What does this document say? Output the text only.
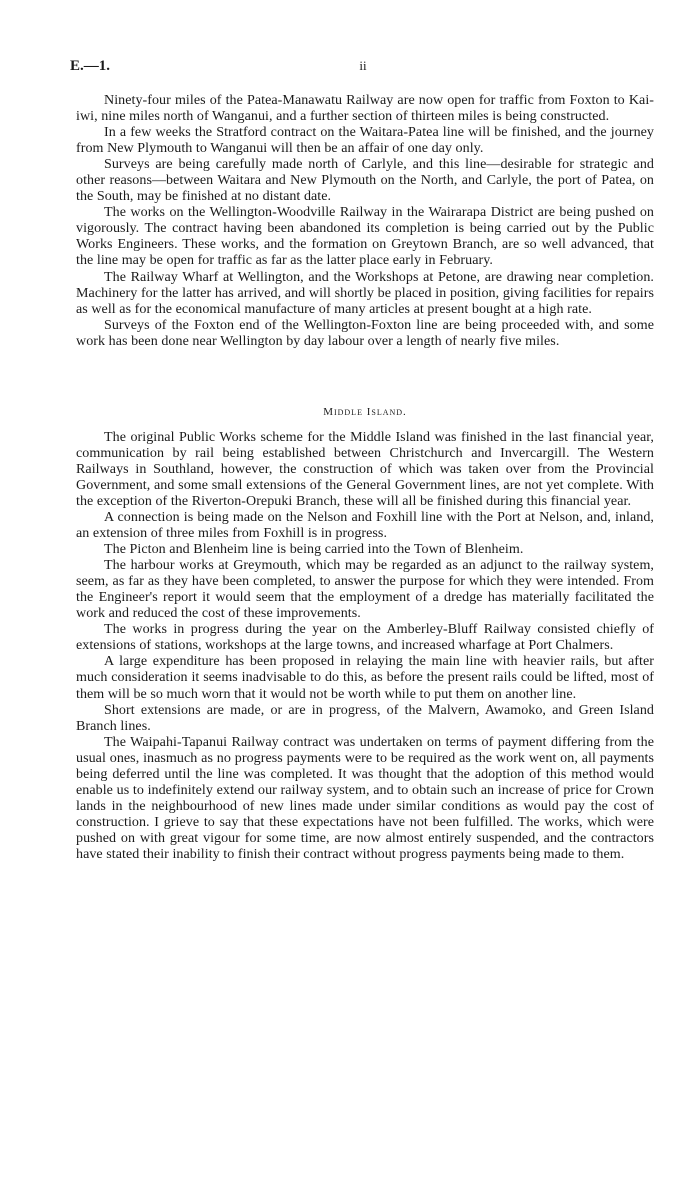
E.—1.	ii

Ninety-four miles of the Patea-Manawatu Railway are now open for traffic from Foxton to Kai-iwi, nine miles north of Wanganui, and a further section of thirteen miles is being constructed.

In a few weeks the Stratford contract on the Waitara-Patea line will be finished, and the journey from New Plymouth to Wanganui will then be an affair of one day only.

Surveys are being carefully made north of Carlyle, and this line—desirable for strategic and other reasons—between Waitara and New Plymouth on the North, and Carlyle, the port of Patea, on the South, may be finished at no distant date.

The works on the Wellington-Woodville Railway in the Wairarapa District are being pushed on vigorously. The contract having been abandoned its completion is being carried out by the Public Works Engineers. These works, and the formation on Greytown Branch, are so well advanced, that the line may be open for traffic as far as the latter place early in February.

The Railway Wharf at Wellington, and the Workshops at Petone, are drawing near completion. Machinery for the latter has arrived, and will shortly be placed in position, giving facilities for repairs as well as for the economical manufacture of many articles at present bought at a high rate.

Surveys of the Foxton end of the Wellington-Foxton line are being proceeded with, and some work has been done near Wellington by day labour over a length of nearly five miles.

Middle Island.

The original Public Works scheme for the Middle Island was finished in the last financial year, communication by rail being established between Christchurch and Invercargill. The Western Railways in Southland, however, the construction of which was taken over from the Provincial Government, and some small extensions of the General Government lines, are not yet complete. With the exception of the Riverton-Orepuki Branch, these will all be finished during this financial year.

A connection is being made on the Nelson and Foxhill line with the Port at Nelson, and, inland, an extension of three miles from Foxhill is in progress.

The Picton and Blenheim line is being carried into the Town of Blenheim.

The harbour works at Greymouth, which may be regarded as an adjunct to the railway system, seem, as far as they have been completed, to answer the purpose for which they were intended. From the Engineer's report it would seem that the employment of a dredge has materially facilitated the work and reduced the cost of these improvements.

The works in progress during the year on the Amberley-Bluff Railway consisted chiefly of extensions of stations, workshops at the large towns, and increased wharfage at Port Chalmers.

A large expenditure has been proposed in relaying the main line with heavier rails, but after much consideration it seems inadvisable to do this, as before the present rails could be lifted, most of them will be so much worn that it would not be worth while to put them on another line.

Short extensions are made, or are in progress, of the Malvern, Awamoko, and Green Island Branch lines.

The Waipahi-Tapanui Railway contract was undertaken on terms of payment differing from the usual ones, inasmuch as no progress payments were to be required as the work went on, all payments being deferred until the line was completed. It was thought that the adoption of this method would enable us to indefinitely extend our railway system, and to obtain such an increase of price for Crown lands in the neighbourhood of new lines made under similar conditions as would pay the cost of construction. I grieve to say that these expectations have not been fulfilled. The works, which were pushed on with great vigour for some time, are now almost entirely suspended, and the contractors have stated their inability to finish their contract without progress payments being made to them.
